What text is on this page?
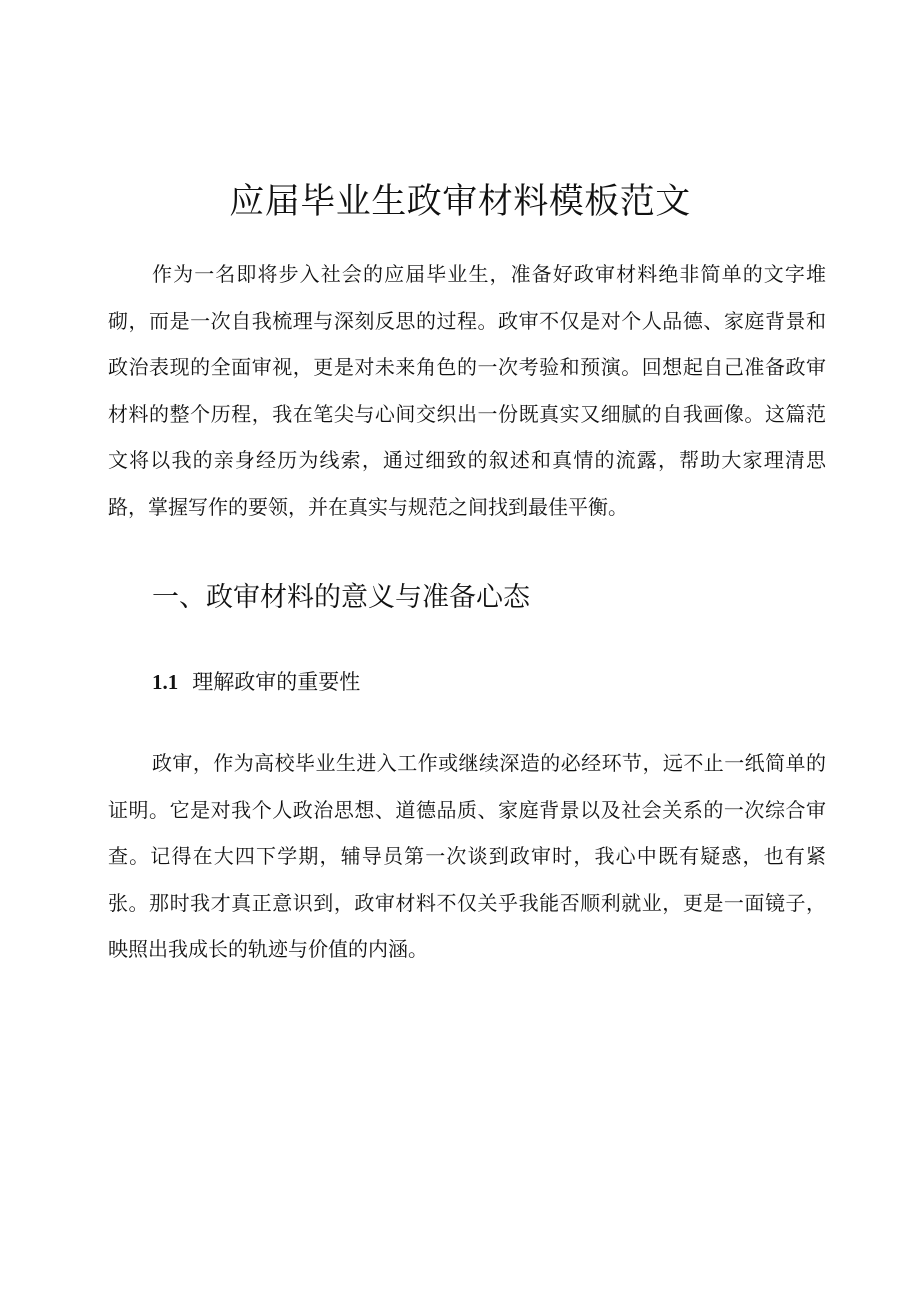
应届毕业生政审材料模板范文

作为一名即将步入社会的应届毕业生，准备好政审材料绝非简单的文字堆砌，而是一次自我梳理与深刻反思的过程。政审不仅是对个人品德、家庭背景和政治表现的全面审视，更是对未来角色的一次考验和预演。回想起自己准备政审材料的整个历程，我在笔尖与心间交织出一份既真实又细腻的自我画像。这篇范文将以我的亲身经历为线索，通过细致的叙述和真情的流露，帮助大家理清思路，掌握写作的要领，并在真实与规范之间找到最佳平衡。

一、政审材料的意义与准备心态
1.1 理解政审的重要性

政审，作为高校毕业生进入工作或继续深造的必经环节，远不止一纸简单的证明。它是对我个人政治思想、道德品质、家庭背景以及社会关系的一次综合审查。记得在大四下学期，辅导员第一次谈到政审时，我心中既有疑惑，也有紧张。那时我才真正意识到，政审材料不仅关乎我能否顺利就业，更是一面镜子，映照出我成长的轨迹与价值的内涵。
